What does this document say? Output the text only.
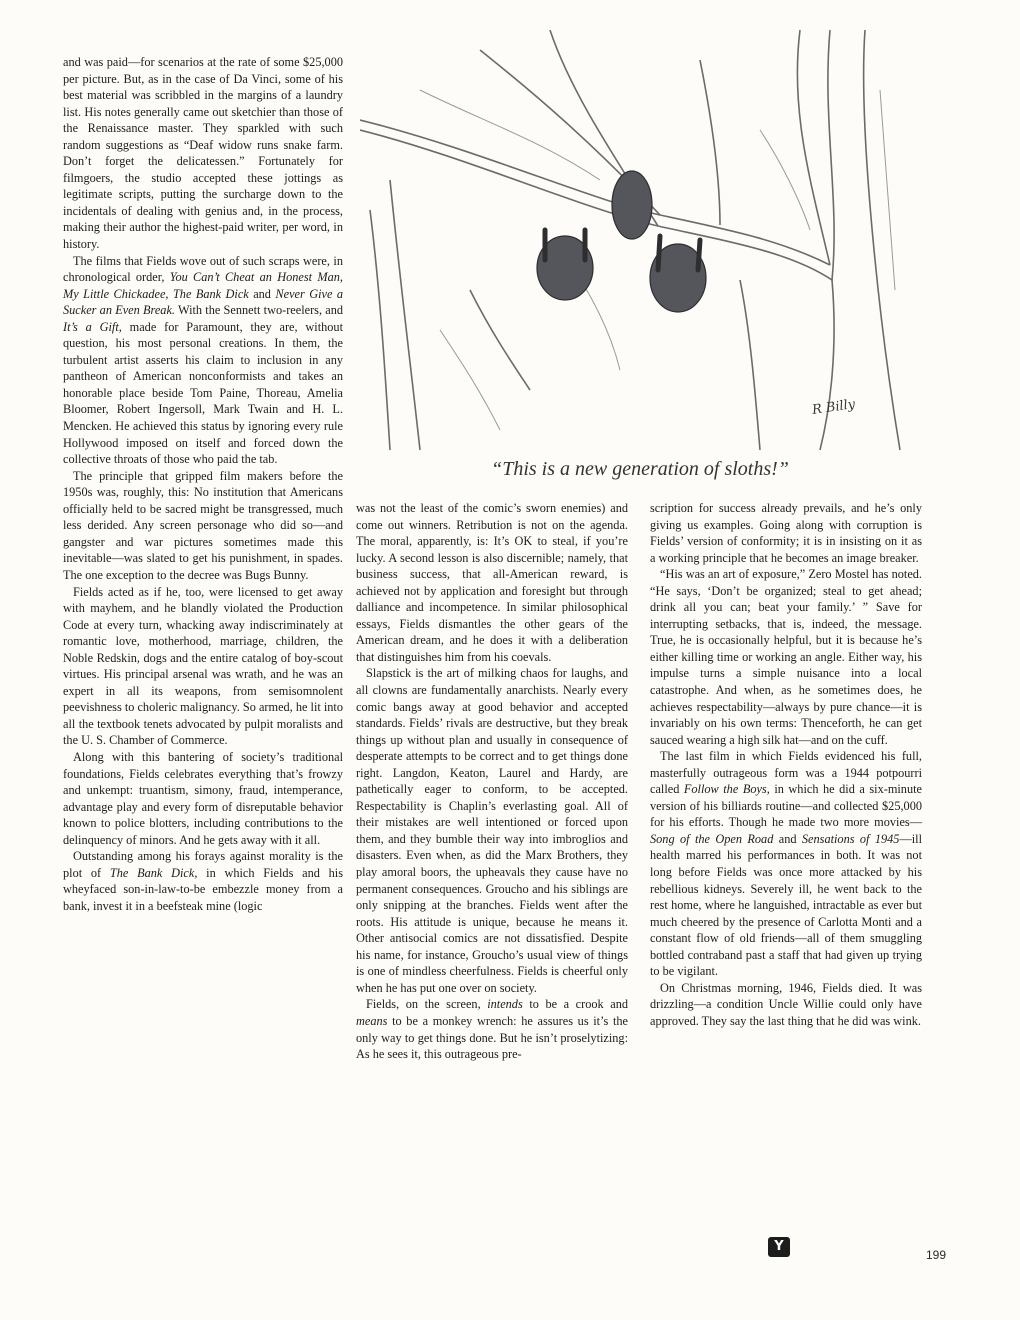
R Billy
“This is a new generation of sloths!”

and was paid—for scenarios at the rate of some $25,000 per picture. But, as in the case of Da Vinci, some of his best material was scribbled in the margins of a laundry list. His notes generally came out sketchier than those of the Renaissance master. They sparkled with such random suggestions as “Deaf widow runs snake farm. Don’t forget the delicatessen.” Fortunately for filmgoers, the studio accepted these jottings as legitimate scripts, putting the surcharge down to the incidentals of dealing with genius and, in the process, making their author the highest-paid writer, per word, in history.

The films that Fields wove out of such scraps were, in chronological order, You Can’t Cheat an Honest Man, My Little Chickadee, The Bank Dick and Never Give a Sucker an Even Break. With the Sennett two-reelers, and It’s a Gift, made for Paramount, they are, without question, his most personal creations. In them, the turbulent artist asserts his claim to inclusion in any pantheon of American nonconformists and takes an honorable place beside Tom Paine, Thoreau, Amelia Bloomer, Robert Ingersoll, Mark Twain and H. L. Mencken. He achieved this status by ignoring every rule Hollywood imposed on itself and forced down the collective throats of those who paid the tab.

The principle that gripped film makers before the 1950s was, roughly, this: No institution that Americans officially held to be sacred might be transgressed, much less derided. Any screen personage who did so—and gangster and war pictures sometimes made this inevitable—was slated to get his punishment, in spades. The one exception to the decree was Bugs Bunny.

Fields acted as if he, too, were licensed to get away with mayhem, and he blandly violated the Production Code at every turn, whacking away indiscriminately at romantic love, motherhood, marriage, children, the Noble Redskin, dogs and the entire catalog of boy-scout virtues. His principal arsenal was wrath, and he was an expert in all its weapons, from semisomnolent peevishness to choleric malignancy. So armed, he lit into all the textbook tenets advocated by pulpit moralists and the U. S. Chamber of Commerce.

Along with this bantering of society’s traditional foundations, Fields celebrates everything that’s frowzy and unkempt: truantism, simony, fraud, intemperance, advantage play and every form of disreputable behavior known to police blotters, including contributions to the delinquency of minors. And he gets away with it all.

Outstanding among his forays against morality is the plot of The Bank Dick, in which Fields and his wheyfaced son-in-law-to-be embezzle money from a bank, invest it in a beefsteak mine (logic

was not the least of the comic’s sworn enemies) and come out winners. Retribution is not on the agenda. The moral, apparently, is: It’s OK to steal, if you’re lucky. A second lesson is also discernible; namely, that business success, that all-American reward, is achieved not by application and foresight but through dalliance and incompetence. In similar philosophical essays, Fields dismantles the other gears of the American dream, and he does it with a deliberation that distinguishes him from his coevals.

Slapstick is the art of milking chaos for laughs, and all clowns are fundamentally anarchists. Nearly every comic bangs away at good behavior and accepted standards. Fields’ rivals are destructive, but they break things up without plan and usually in consequence of desperate attempts to be correct and to get things done right. Langdon, Keaton, Laurel and Hardy, are pathetically eager to conform, to be accepted. Respectability is Chaplin’s everlasting goal. All of their mistakes are well intentioned or forced upon them, and they bumble their way into imbroglios and disasters. Even when, as did the Marx Brothers, they play amoral boors, the upheavals they cause have no permanent consequences. Groucho and his siblings are only snipping at the branches. Fields went after the roots. His attitude is unique, because he means it. Other antisocial comics are not dissatisfied. Despite his name, for instance, Groucho’s usual view of things is one of mindless cheerfulness. Fields is cheerful only when he has put one over on society.

Fields, on the screen, intends to be a crook and means to be a monkey wrench: he assures us it’s the only way to get things done. But he isn’t proselytizing: As he sees it, this outrageous pre-

scription for success already prevails, and he’s only giving us examples. Going along with corruption is Fields’ version of conformity; it is in insisting on it as a working principle that he becomes an image breaker.

“His was an art of exposure,” Zero Mostel has noted. “He says, ‘Don’t be organized; steal to get ahead; drink all you can; beat your family.’ ” Save for interrupting setbacks, that is, indeed, the message. True, he is occasionally helpful, but it is because he’s either killing time or working an angle. Either way, his impulse turns a simple nuisance into a local catastrophe. And when, as he sometimes does, he achieves respectability—always by pure chance—it is invariably on his own terms: Thenceforth, he can get sauced wearing a high silk hat—and on the cuff.

The last film in which Fields evidenced his full, masterfully outrageous form was a 1944 potpourri called Follow the Boys, in which he did a six-minute version of his billiards routine—and collected $25,000 for his efforts. Though he made two more movies—Song of the Open Road and Sensations of 1945—ill health marred his performances in both. It was not long before Fields was once more attacked by his rebellious kidneys. Severely ill, he went back to the rest home, where he languished, intractable as ever but much cheered by the presence of Carlotta Monti and a constant flow of old friends—all of them smuggling bottled contraband past a staff that had given up trying to be vigilant.

On Christmas morning, 1946, Fields died. It was drizzling—a condition Uncle Willie could only have approved. They say the last thing that he did was wink.

Y
199
